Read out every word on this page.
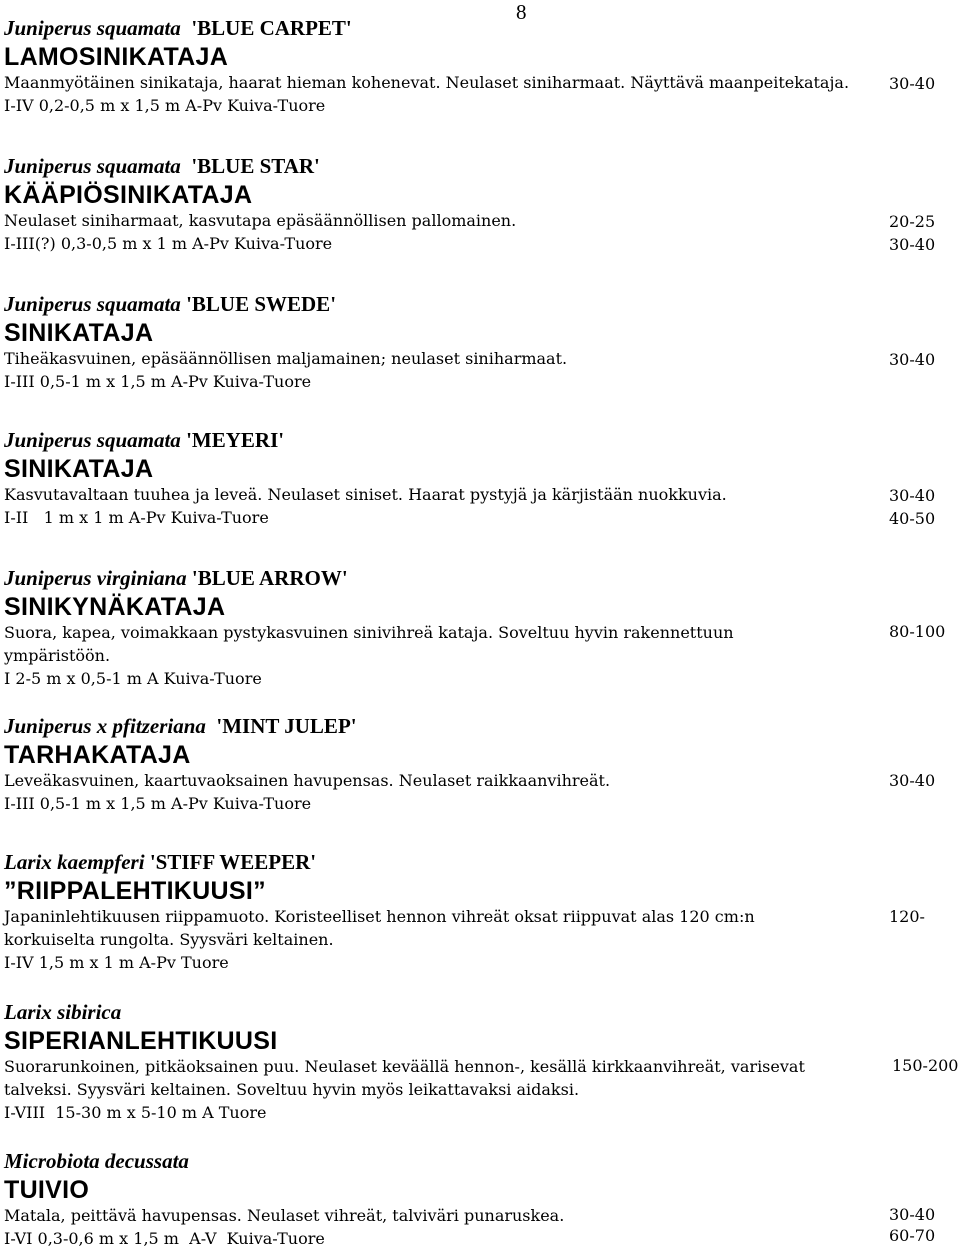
8
Juniperus squamata 'BLUE CARPET'
LAMOSINIKATAJA
Maanmyötäinen sinikataja, haarat hieman kohenevat. Neulaset siniharmaat. Näyttävä maanpeitekataja.
I-IV 0,2-0,5 m x 1,5 m A-Pv Kuiva-Tuore
30-40
Juniperus squamata 'BLUE STAR'
KÄÄPIÖSINIKATAJA
Neulaset siniharmaat, kasvutapa epäsäännöllisen pallomainen.
I-III(?) 0,3-0,5 m x 1 m A-Pv Kuiva-Tuore
20-25
30-40
Juniperus squamata 'BLUE SWEDE'
SINIKATAJA
Tiheäkasvuinen, epäsäännöllisen maljamainen; neulaset siniharmaat.
I-III 0,5-1 m x 1,5 m A-Pv Kuiva-Tuore
30-40
Juniperus squamata 'MEYERI'
SINIKATAJA
Kasvutavaltaan tuuhea ja leveä. Neulaset siniset. Haarat pystyjä ja kärjistään nuokkuvia.
I-II   1 m x 1 m A-Pv Kuiva-Tuore
30-40
40-50
Juniperus virginiana 'BLUE ARROW'
SINIKYNÄKATAJA
Suora, kapea, voimakkaan pystykasvuinen sinivihreä kataja. Soveltuu hyvin rakennettuun ympäristöön.
I 2-5 m x 0,5-1 m A Kuiva-Tuore
80-100
Juniperus x pfitzeriana 'MINT JULEP'
TARHAKATAJA
Leveäkasvuinen, kaartuvaoksainen havupensas. Neulaset raikkaanvihreät.
I-III 0,5-1 m x 1,5 m A-Pv Kuiva-Tuore
30-40
Larix kaempferi 'STIFF WEEPER'
”RIIPPALEHTIKUUSI”
Japaninlehtikuusen riippamuoto. Koristeelliset hennon vihreät oksat riippuvat alas 120 cm:n korkuiselta rungolta. Syysväri keltainen.
I-IV 1,5 m x 1 m A-Pv Tuore
120-
Larix sibirica
SIPERIANLEHTIKUUSI
Suorarunkoinen, pitkäoksainen puu. Neulaset keväällä hennon-, kesällä kirkkaanvihreät, varisevat talveksi. Syysväri keltainen. Soveltuu hyvin myös leikattavaksi aidaksi.
I-VIII  15-30 m x 5-10 m A Tuore
150-200
Microbiota decussata
TUIVIO
Matala, peittävä havupensas. Neulaset vihreät, talviväri punaruskea.
I-VI 0,3-0,6 m x 1,5 m  A-V  Kuiva-Tuore
30-40
60-70
